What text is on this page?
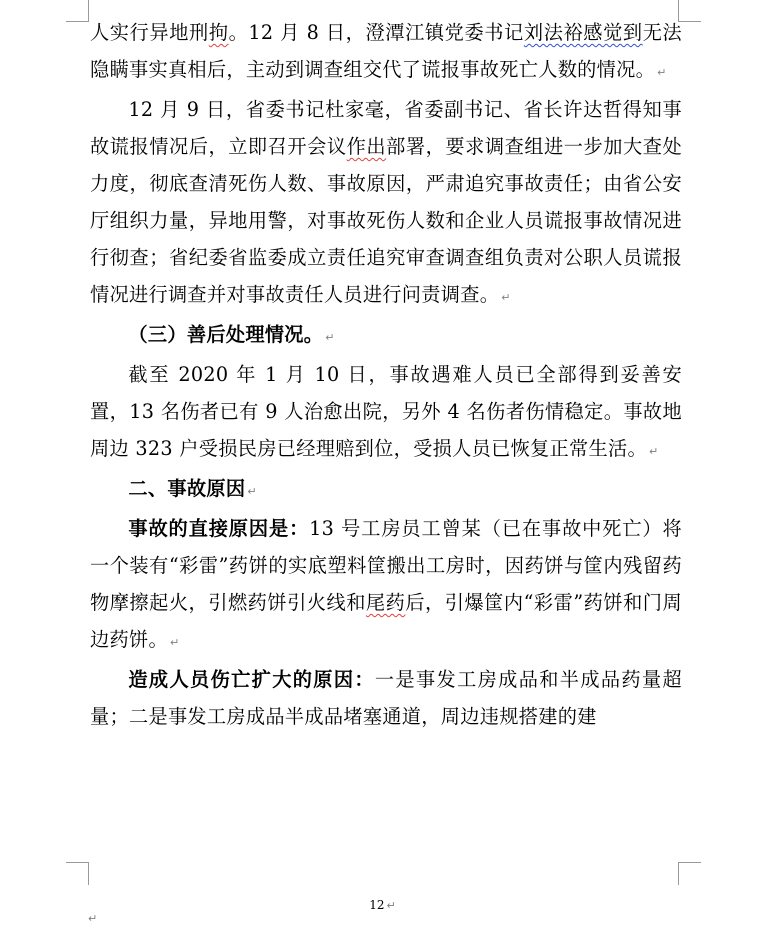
人实行异地刑拘。12 月 8 日，澄潭江镇党委书记刘法裕感觉到无法隐瞒事实真相后，主动到调查组交代了谎报事故死亡人数的情况。 ↵

12 月 9 日，省委书记杜家毫，省委副书记、省长许达哲得知事故谎报情况后，立即召开会议作出部署，要求调查组进一步加大查处力度，彻底查清死伤人数、事故原因，严肃追究事故责任；由省公安厅组织力量，异地用警，对事故死伤人数和企业人员谎报事故情况进行彻查；省纪委省监委成立责任追究审查调查组负责对公职人员谎报情况进行调查并对事故责任人员进行问责调查。 ↵

（三）善后处理情况。 ↵

截至 2020 年 1 月 10 日，事故遇难人员已全部得到妥善安置，13 名伤者已有 9 人治愈出院，另外 4 名伤者伤情稳定。事故地周边 323 户受损民房已经理赔到位，受损人员已恢复正常生活。 ↵

二、事故原因 ↵

事故的直接原因是：13 号工房员工曾某（已在事故中死亡）将一个装有“彩雷”药饼的实底塑料筐搬出工房时，因药饼与筐内残留药物摩擦起火，引燃药饼引火线和尾药后，引爆筐内“彩雷”药饼和门周边药饼。 ↵

造成人员伤亡扩大的原因：一是事发工房成品和半成品药量超量；二是事发工房成品半成品堵塞通道，周边违规搭建的建

12 ↵
↵
